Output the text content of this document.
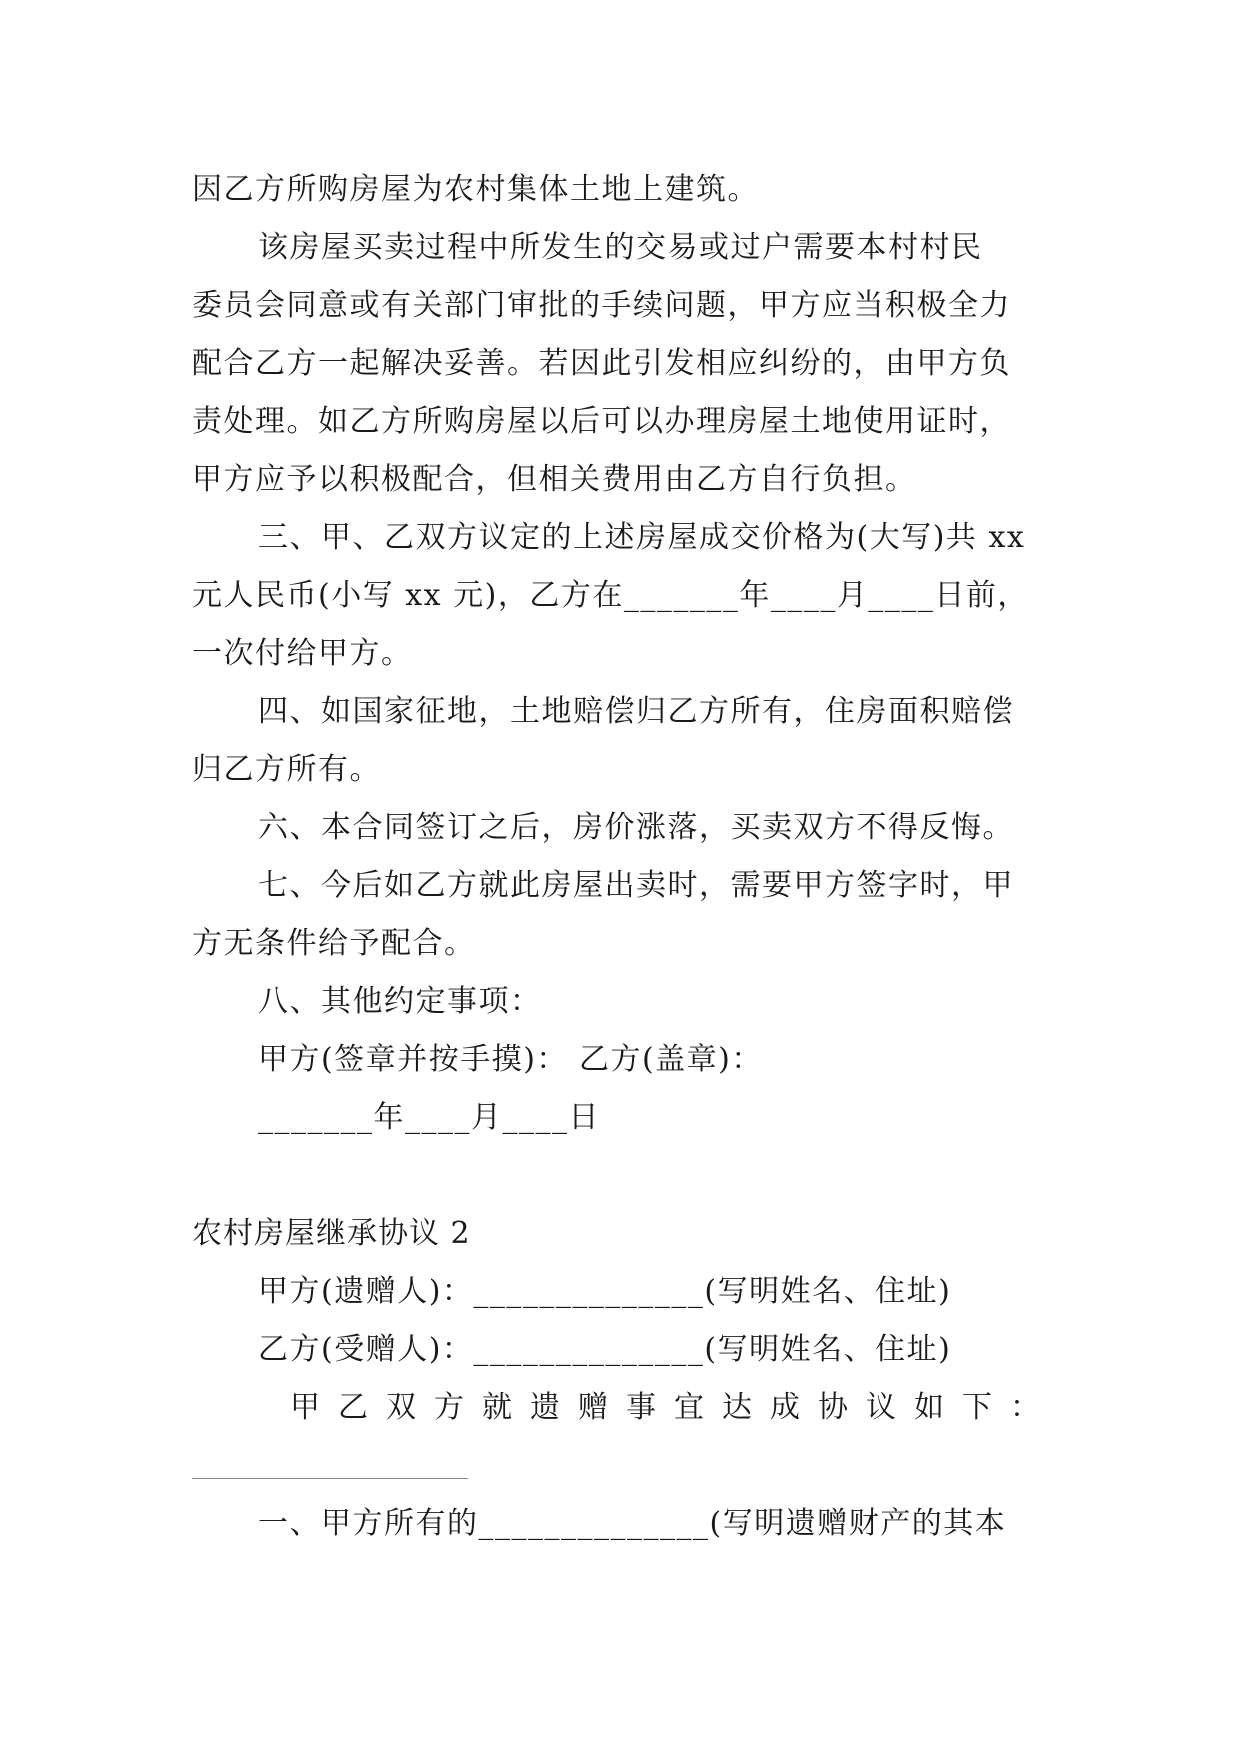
因乙方所购房屋为农村集体土地上建筑。
该房屋买卖过程中所发生的交易或过户需要本村村民
委员会同意或有关部门审批的手续问题，甲方应当积极全力
配合乙方一起解决妥善。若因此引发相应纠纷的，由甲方负
责处理。如乙方所购房屋以后可以办理房屋土地使用证时，
甲方应予以积极配合，但相关费用由乙方自行负担。
三、甲、乙双方议定的上述房屋成交价格为(大写)共 xx
元人民币(小写 xx 元)，乙方在_______年____月____日前，
一次付给甲方。
四、如国家征地，土地赔偿归乙方所有，住房面积赔偿
归乙方所有。
六、本合同签订之后，房价涨落，买卖双方不得反悔。
七、今后如乙方就此房屋出卖时，需要甲方签字时，甲
方无条件给予配合。
八、其他约定事项：
甲方(签章并按手摸)： 乙方(盖章)：
_______年____月____日
农村房屋继承协议 2
甲方(遗赠人)：______________(写明姓名、住址)
乙方(受赠人)：______________(写明姓名、住址)
甲乙双方就遗赠事宜达成协议如下：
一、甲方所有的______________(写明遗赠财产的其本
